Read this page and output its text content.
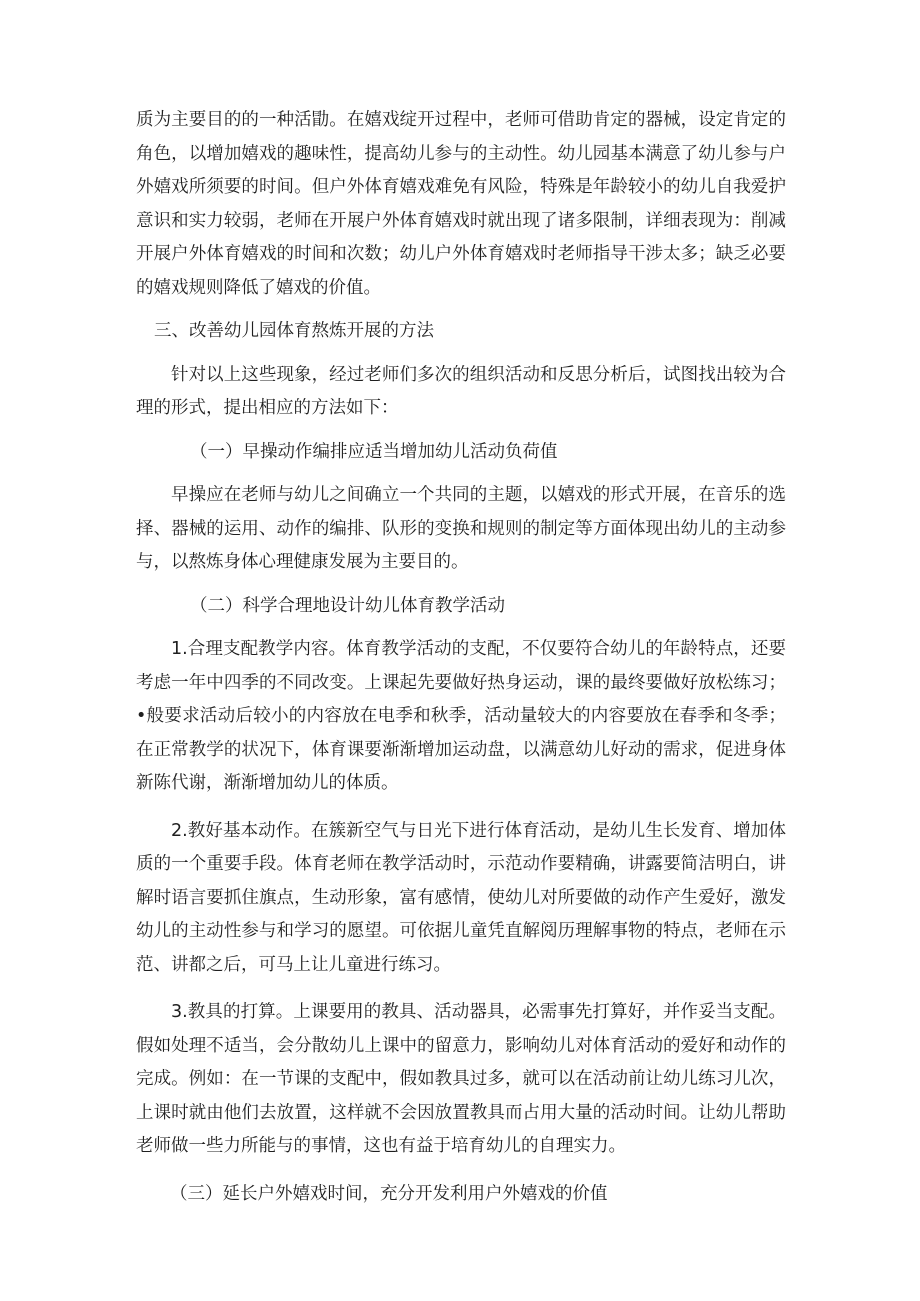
质为主要目的的一种活勖。在嬉戏绽开过程中，老师可借助肯定的器械，设定肯定的角色，以增加嬉戏的趣味性，提高幼儿参与的主动性。幼儿园基本满意了幼儿参与户外嬉戏所须要的时间。但户外体育嬉戏难免有风险，特殊是年龄较小的幼儿自我爱护意识和实力较弱，老师在开展户外体育嬉戏时就出现了诸多限制，详细表现为：削减开展户外体育嬉戏的时间和次数；幼儿户外体育嬉戏时老师指导干涉太多；缺乏必要的嬉戏规则降低了嬉戏的价值。

三、改善幼儿园体育熬炼开展的方法

针对以上这些现象，经过老师们多次的组织活动和反思分析后，试图找出较为合理的形式，提出相应的方法如下：

（一）早操动作编排应适当增加幼儿活动负荷值

早操应在老师与幼儿之间确立一个共同的主题，以嬉戏的形式开展，在音乐的选择、器械的运用、动作的编排、队形的变换和规则的制定等方面体现出幼儿的主动参与，以熬炼身体心理健康发展为主要目的。

（二）科学合理地设计幼儿体育教学活动

1.合理支配教学内容。体育教学活动的支配，不仅要符合幼儿的年龄特点，还要考虑一年中四季的不同改变。上课起先要做好热身运动，课的最终要做好放松练习；•般要求活动后较小的内容放在电季和秋季，活动量较大的内容要放在春季和冬季；在正常教学的状况下，体育课要渐渐增加运动盘，以满意幼儿好动的需求，促进身体新陈代谢，渐渐增加幼儿的体质。

2.教好基本动作。在簇新空气与日光下进行体育活动，是幼儿生长发育、增加体质的一个重要手段。体育老师在教学活动时，示范动作要精确，讲露要简洁明白，讲解时语言要抓住旗点，生动形象，富有感情，使幼儿对所要做的动作产生爱好，激发幼儿的主动性参与和学习的愿望。可依据儿童凭直解阅历理解事物的特点，老师在示范、讲都之后，可马上让儿童进行练习。

3.教具的打算。上课要用的教具、活动器具，必需事先打算好，并作妥当支配。假如处理不适当，会分散幼儿上课中的留意力，影响幼儿对体育活动的爱好和动作的完成。例如：在一节课的支配中，假如教具过多，就可以在活动前让幼儿练习儿次，上课时就由他们去放置，这样就不会因放置教具而占用大量的活动时间。让幼儿帮助老师做一些力所能与的事情，这也有益于培育幼儿的自理实力。

（三）延长户外嬉戏时间，充分开发利用户外嬉戏的价值
